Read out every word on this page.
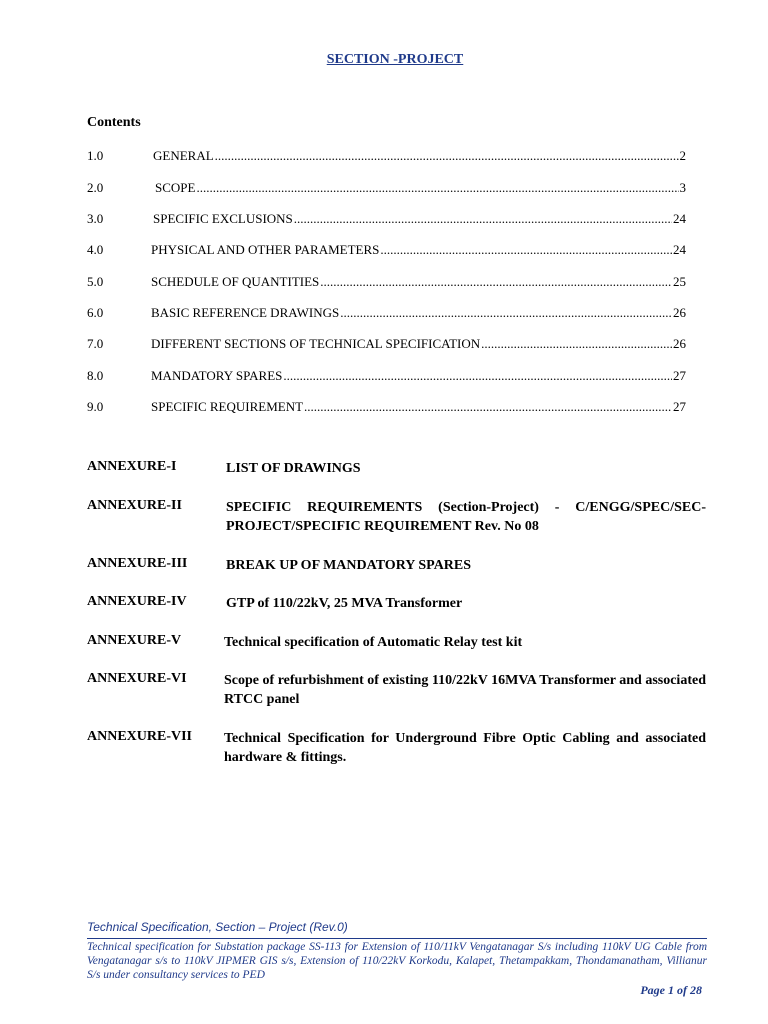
SECTION -PROJECT
Contents
1.0	GENERAL .....	2
2.0	SCOPE .....	3
3.0	SPECIFIC EXCLUSIONS .....	24
4.0	PHYSICAL AND OTHER PARAMETERS .....	24
5.0	SCHEDULE OF QUANTITIES .....	25
6.0	BASIC REFERENCE DRAWINGS .....	26
7.0	DIFFERENT SECTIONS OF TECHNICAL SPECIFICATION .....	26
8.0	MANDATORY SPARES .....	27
9.0	SPECIFIC REQUIREMENT .....	27
ANNEXURE-I	LIST OF DRAWINGS
ANNEXURE-II	SPECIFIC REQUIREMENTS (Section-Project) - C/ENGG/SPEC/SEC-PROJECT/SPECIFIC REQUIREMENT Rev. No 08
ANNEXURE-III	BREAK UP OF MANDATORY SPARES
ANNEXURE-IV	GTP of 110/22kV, 25 MVA Transformer
ANNEXURE-V	Technical specification of Automatic Relay test kit
ANNEXURE-VI	Scope of refurbishment of existing 110/22kV 16MVA Transformer and associated RTCC panel
ANNEXURE-VII	Technical Specification for Underground Fibre Optic Cabling and associated hardware & fittings.
Technical Specification, Section – Project (Rev.0)
Technical specification for Substation package SS-113 for Extension of 110/11kV Vengatanagar S/s including 110kV UG Cable from Vengatanagar s/s to 110kV JIPMER GIS s/s, Extension of 110/22kV Korkodu, Kalapet, Thetampakkam, Thondamanatham, Villianur S/s under consultancy services to PED
Page 1 of 28
